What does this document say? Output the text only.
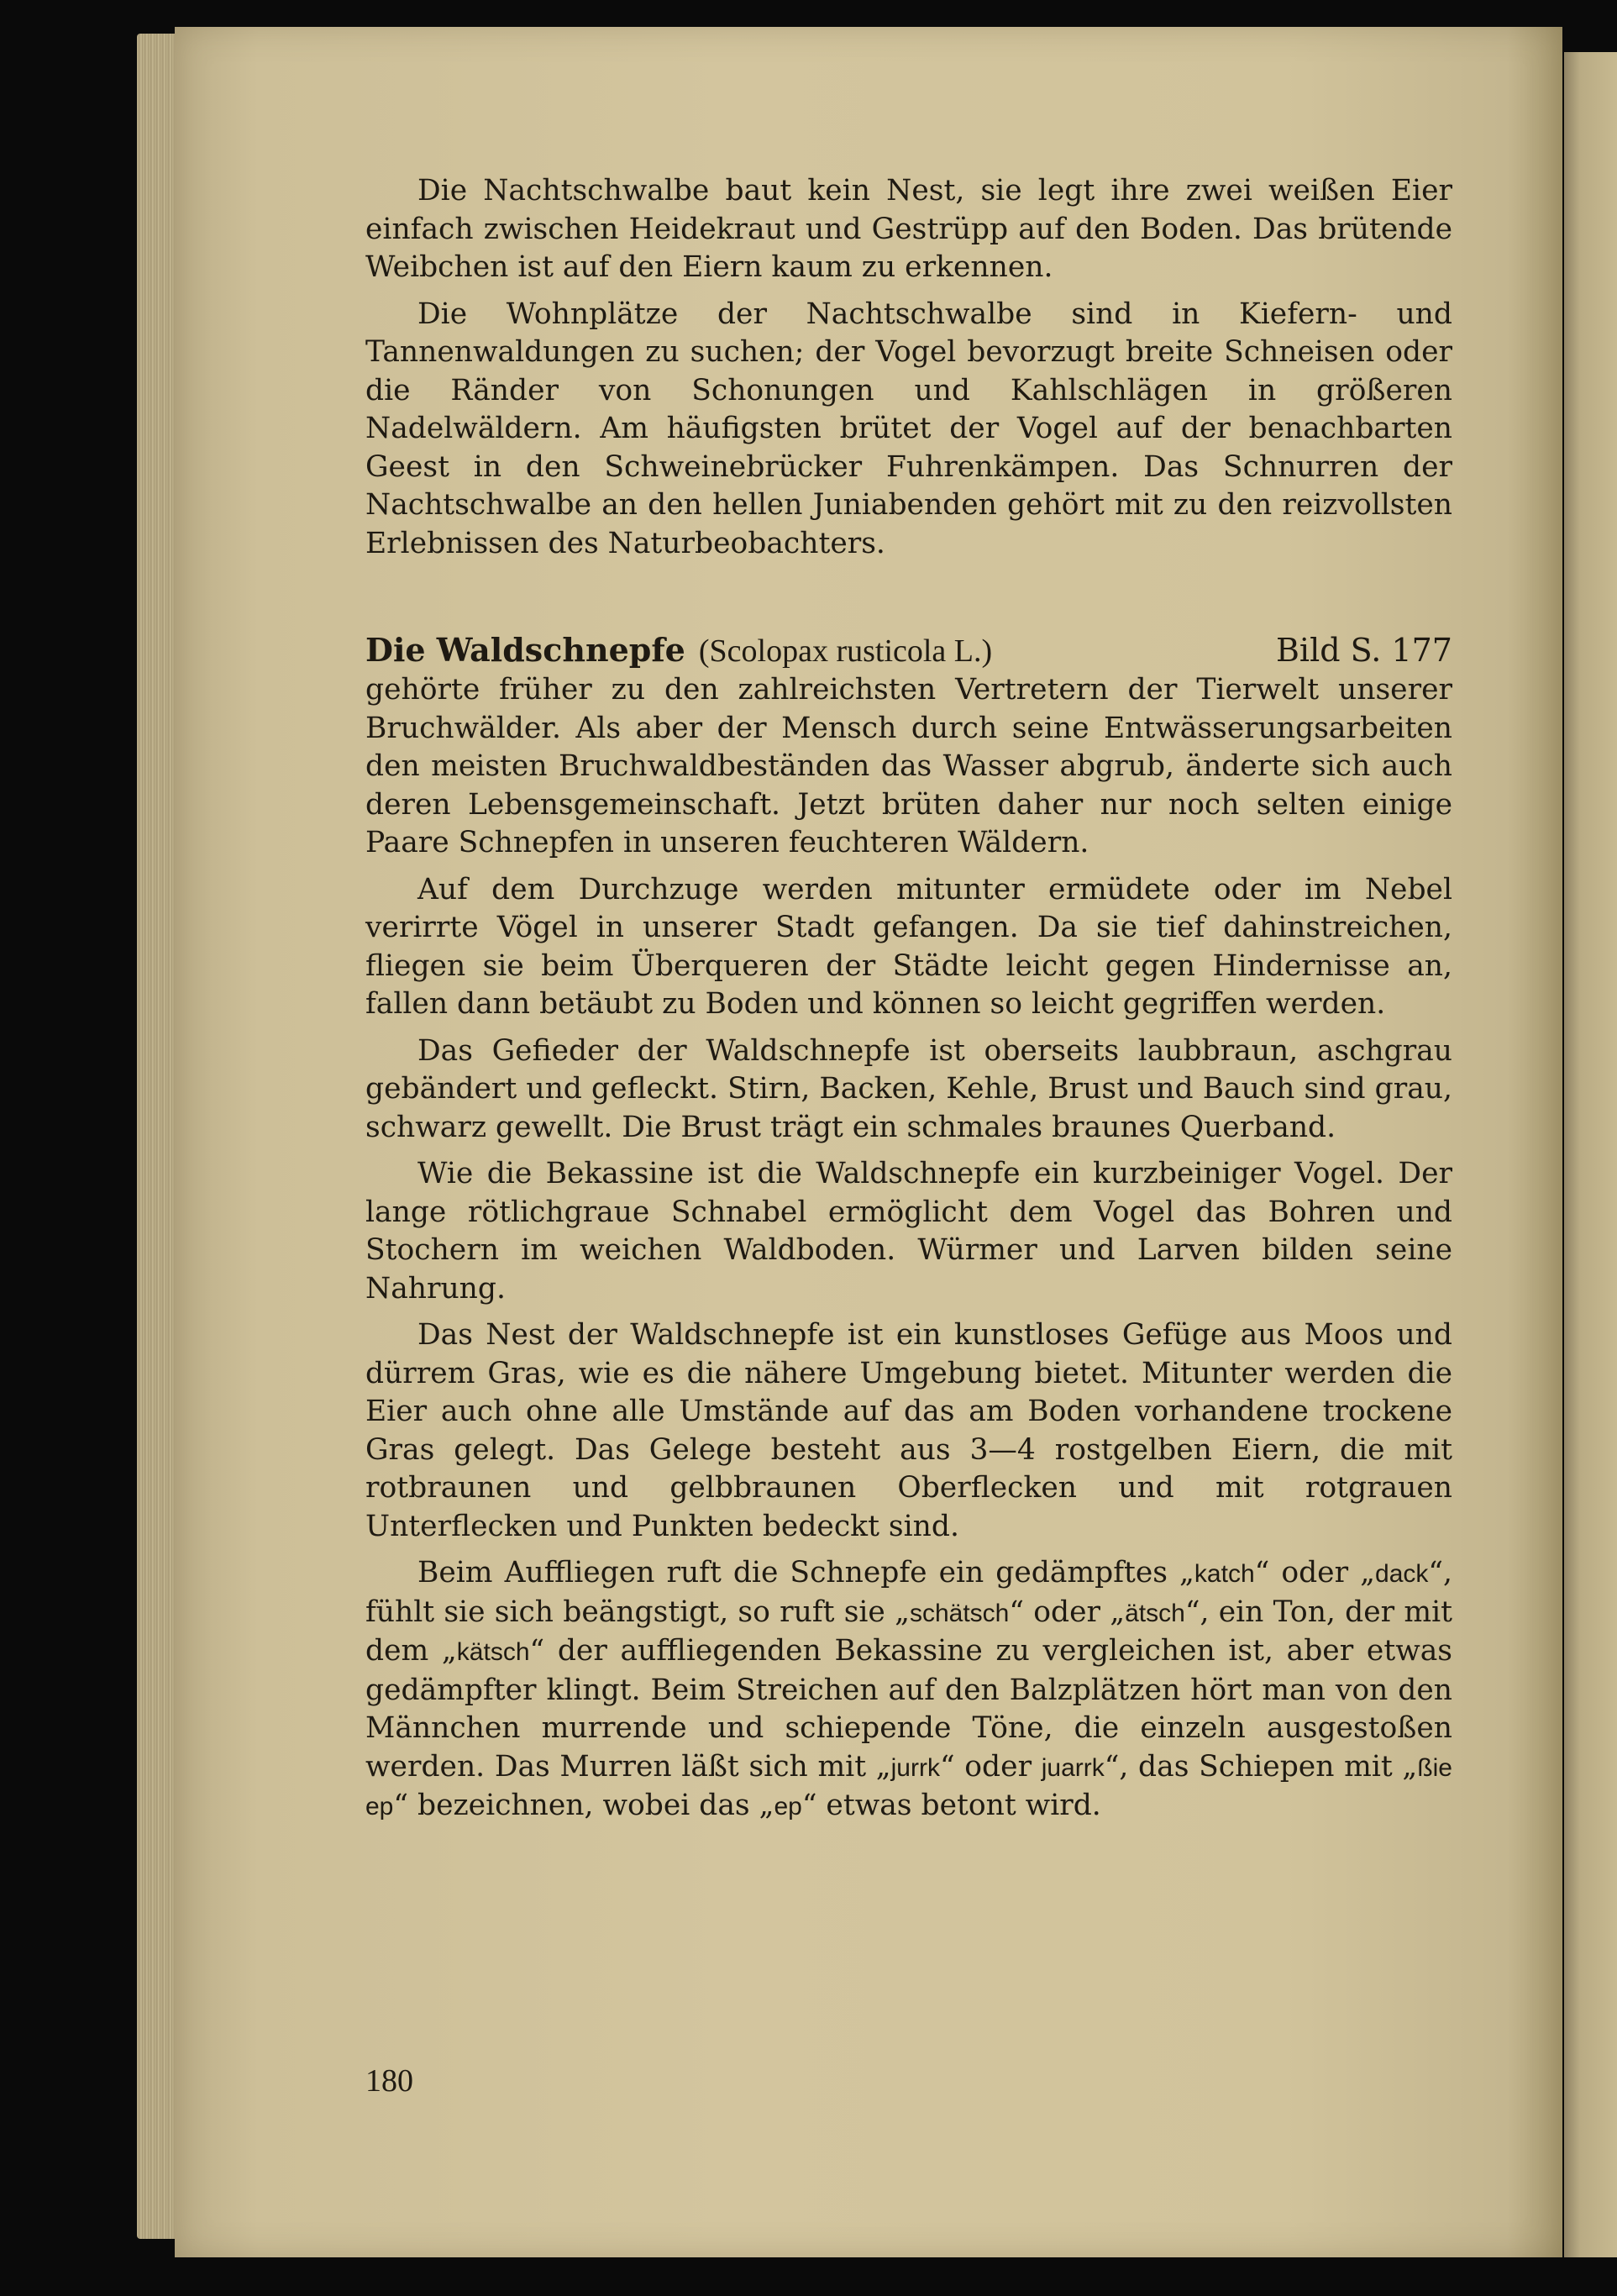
Die Nachtschwalbe baut kein Nest, sie legt ihre zwei weißen Eier einfach zwischen Heidekraut und Gestrüpp auf den Boden. Das brütende Weibchen ist auf den Eiern kaum zu erkennen.

Die Wohnplätze der Nachtschwalbe sind in Kiefern- und Tannenwaldungen zu suchen; der Vogel bevorzugt breite Schneisen oder die Ränder von Schonungen und Kahlschlägen in größeren Nadelwäldern. Am häufigsten brütet der Vogel auf der benachbarten Geest in den Schweinebrücker Fuhrenkämpen. Das Schnurren der Nachtschwalbe an den hellen Juniabenden gehört mit zu den reizvollsten Erlebnissen des Naturbeobachters.

Die Waldschnepfe (Scolopax rusticola L.)	Bild S. 177

gehörte früher zu den zahlreichsten Vertretern der Tierwelt unserer Bruchwälder. Als aber der Mensch durch seine Entwässerungsarbeiten den meisten Bruchwaldbeständen das Wasser abgrub, änderte sich auch deren Lebensgemeinschaft. Jetzt brüten daher nur noch selten einige Paare Schnepfen in unseren feuchteren Wäldern.

Auf dem Durchzuge werden mitunter ermüdete oder im Nebel verirrte Vögel in unserer Stadt gefangen. Da sie tief dahinstreichen, fliegen sie beim Überqueren der Städte leicht gegen Hindernisse an, fallen dann betäubt zu Boden und können so leicht gegriffen werden.

Das Gefieder der Waldschnepfe ist oberseits laubbraun, aschgrau gebändert und gefleckt. Stirn, Backen, Kehle, Brust und Bauch sind grau, schwarz gewellt. Die Brust trägt ein schmales braunes Querband.

Wie die Bekassine ist die Waldschnepfe ein kurzbeiniger Vogel. Der lange rötlichgraue Schnabel ermöglicht dem Vogel das Bohren und Stochern im weichen Waldboden. Würmer und Larven bilden seine Nahrung.

Das Nest der Waldschnepfe ist ein kunstloses Gefüge aus Moos und dürrem Gras, wie es die nähere Umgebung bietet. Mitunter werden die Eier auch ohne alle Umstände auf das am Boden vorhandene trockene Gras gelegt. Das Gelege besteht aus 3—4 rostgelben Eiern, die mit rotbraunen und gelbbraunen Oberflecken und mit rotgrauen Unterflecken und Punkten bedeckt sind.

Beim Auffliegen ruft die Schnepfe ein gedämpftes „katch“ oder „dack“, fühlt sie sich beängstigt, so ruft sie „schätsch“ oder „ätsch“, ein Ton, der mit dem „kätsch“ der auffliegenden Bekassine zu vergleichen ist, aber etwas gedämpfter klingt. Beim Streichen auf den Balzplätzen hört man von den Männchen murrende und schiepende Töne, die einzeln ausgestoßen werden. Das Murren läßt sich mit „jurrk“ oder juarrk“, das Schiepen mit „ßie ep“ bezeichnen, wobei das „ep“ etwas betont wird.

180
